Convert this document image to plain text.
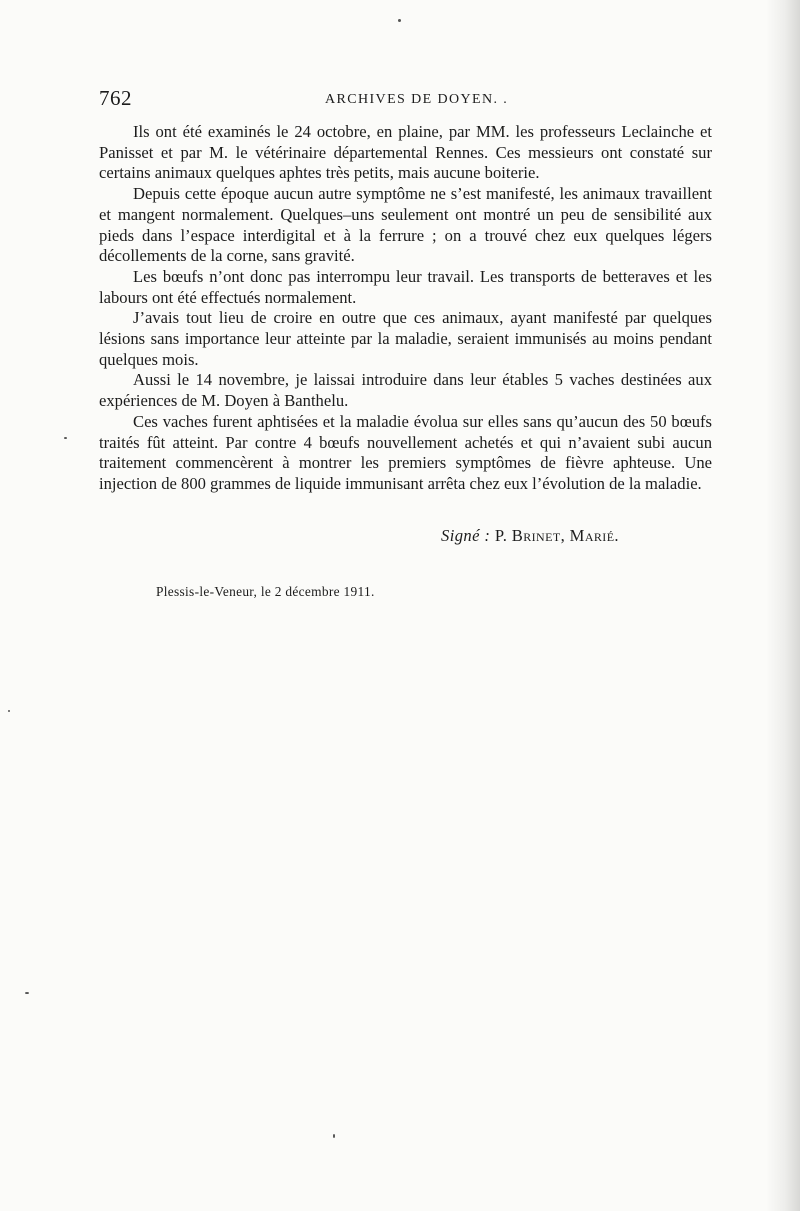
762	ARCHIVES DE DOYEN. .

Ils ont été examinés le 24 octobre, en plaine, par MM. les professeurs Leclainche et Panisset et par M. le vétérinaire départemental Rennes. Ces messieurs ont constaté sur certains animaux quelques aphtes très petits, mais aucune boiterie.

Depuis cette époque aucun autre symptôme ne s’est manifesté, les animaux travaillent et mangent normalement. Quelques–uns seulement ont montré un peu de sensibilité aux pieds dans l’espace interdigital et à la ferrure ; on a trouvé chez eux quelques légers décollements de la corne, sans gravité.

Les bœufs n’ont donc pas interrompu leur travail. Les transports de betteraves et les labours ont été effectués normalement.

J’avais tout lieu de croire en outre que ces animaux, ayant manifesté par quelques lésions sans importance leur atteinte par la maladie, seraient immunisés au moins pendant quelques mois.

Aussi le 14 novembre, je laissai introduire dans leur étables 5 vaches destinées aux expériences de M. Doyen à Banthelu.

Ces vaches furent aphtisées et la maladie évolua sur elles sans qu’aucun des 50 bœufs traités fût atteint. Par contre 4 bœufs nouvellement achetés et qui n’avaient subi aucun traitement commencèrent à montrer les premiers symptômes de fièvre aphteuse. Une injection de 800 grammes de liquide immunisant arrêta chez eux l’évolution de la maladie.

Signé : P. Brinet, Marié.
Plessis-le-Veneur, le 2 décembre 1911.
